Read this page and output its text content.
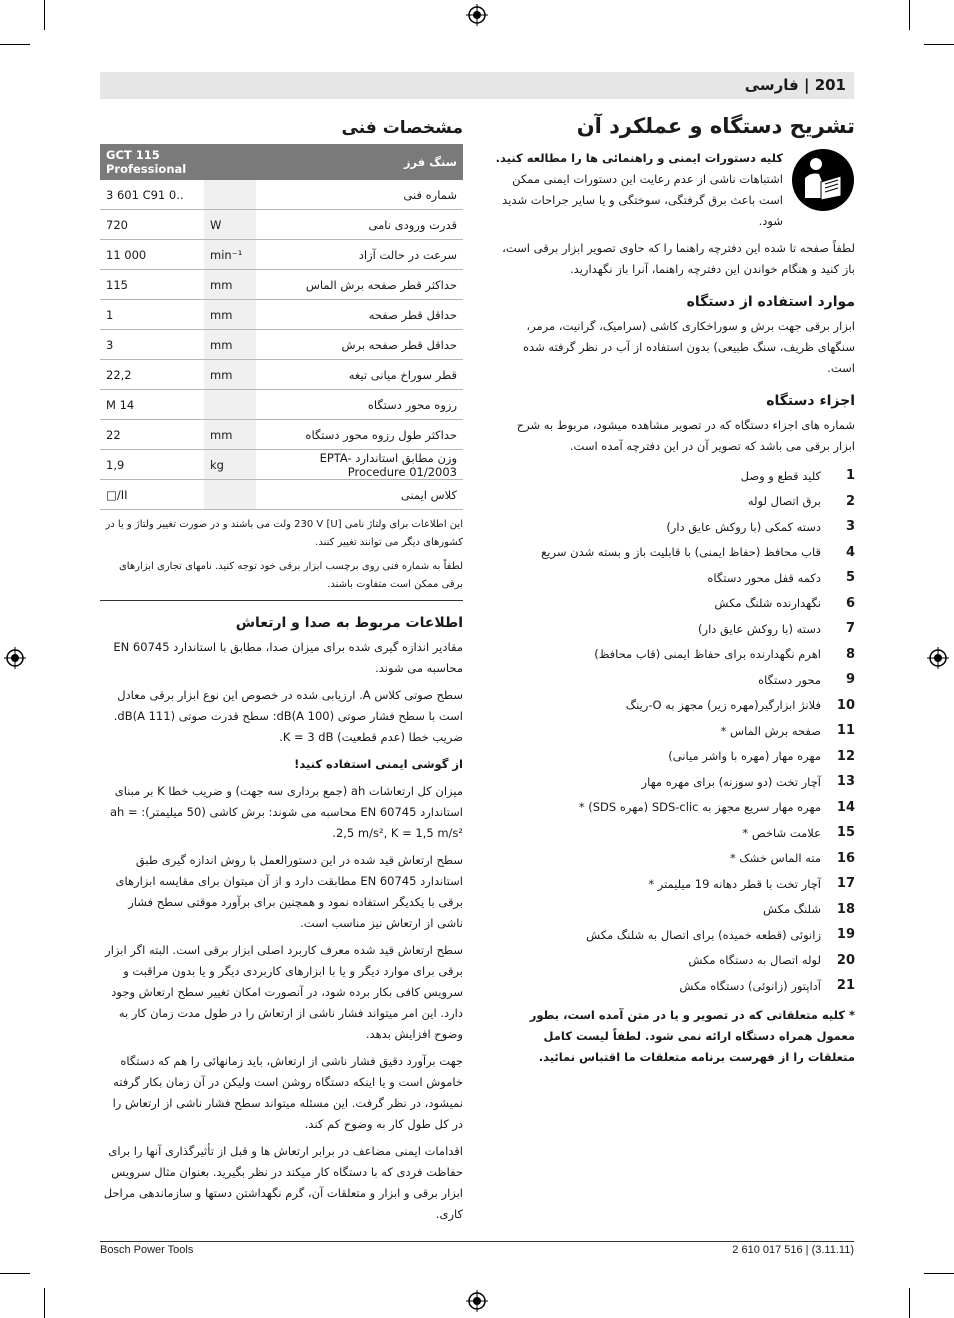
201 | فارسی
تشریح دستگاه و عملکرد آن

کلیه دستورات ایمنی و راهنمائی ها را مطالعه کنید. اشتباهات ناشی از عدم رعایت این دستورات ایمنی ممکن است باعث برق گرفتگی، سوختگی و یا سایر جراحات شدید شود.

لطفاً صفحه تا شده این دفترچه راهنما را که حاوی تصویر ابزار برقی است، باز کنید و هنگام خواندن این دفترچه راهنما، آنرا باز نگهدارید.

موارد استفاده از دستگاه

ابزار برقی جهت برش و سوراخکاری کاشی (سرامیک، گرانیت، مرمر، سنگهای ظریف، سنگ طبیعی) بدون استفاده از آب در نظر گرفته شده است.

اجزاء دستگاه

شماره های اجزاء دستگاه که در تصویر مشاهده میشود، مربوط به شرح ابزار برقی می باشد که تصویر آن در این دفترچه آمده است.

1
کلید قطع و وصل
2
برق اتصال لوله
3
دسته کمکی (با روکش عایق دار)
4
قاب محافظ (حفاظ ایمنی) با قابلیت باز و بسته شدن سریع
5
دکمه قفل محور دستگاه
6
نگهدارنده شلنگ مکش
7
دسته (با روکش عایق دار)
8
اهرم نگهدارنده برای حفاظ ایمنی (قاب محافظ)
9
محور دستگاه
10
فلانژ ابزارگیر(مهره زیر) مجهز به O-رینگ
11
صفحه برش الماس *
12
مهره مهار (مهره با واشر میانی)
13
آچار تخت (دو سوزنه) برای مهره مهار
14
مهره مهار سریع مجهز به SDS-clic (مهره SDS) *
15
علامت شاخص *
16
مته الماس خشک *
17
آچار تخت با قطر دهانه 19 میلیمتر *
18
شلنگ مکش
19
زانوئی (قطعه خمیده) برای اتصال به شلنگ مکش
20
لوله اتصال به دستگاه مکش
21
آداپتور (زانوئی) دستگاه مکش

* کلیه متعلقاتی که در تصویر و یا در متن آمده است، بطور معمول همراه دستگاه ارائه نمی شود. لطفاً لیست کامل متعلقات را از فهرست برنامه متعلقات ما اقتباس نمائید.

مشخصات فنی
سنگ فرز		GCT 115 Professional
شماره فنی		3 601 C91 0..
قدرت ورودی نامی	W	720
سرعت در حالت آزاد	min⁻¹	11 000
حداکثر قطر صفحه برش الماس	mm	115
حداقل قطر صفحه	mm	1
حداقل قطر صفحه برش	mm	3
قطر سوراخ میانی تیغه	mm	22,2
رزوه محور دستگاه		M 14
حداکثر طول رزوه محور دستگاه	mm	22
وزن مطابق استاندارد EPTA-Procedure 01/2003	kg	1,9
کلاس ایمنی		□/II

این اطلاعات برای ولتاژ نامی [U] 230 V ولت می باشند و در صورت تغییر ولتاژ و یا در کشورهای دیگر می توانند تغییر کنند.

لطفاً به شماره فنی روی برچسب ابزار برقی خود توجه کنید. نامهای تجاری ابزارهای برقی ممکن است متفاوت باشند.

اطلاعات مربوط به صدا و ارتعاش

مقادیر اندازه گیری شده برای میزان صدا، مطابق با استاندارد EN 60745 محاسبه می شوند.

سطح صوتی کلاس A. ارزیابی شده در خصوص این نوع ابزار برقی معادل است با سطح فشار صوتی (100 dB(A: سطح قدرت صوتی (111 dB(A. ضریب خطا (عدم قطعیت) K = 3 dB.

از گوشی ایمنی استفاده کنید!

میزان کل ارتعاشات ah (جمع برداری سه جهت) و ضریب خطا K بر مبنای استاندارد EN 60745 محاسبه می شوند: برش کاشی (50 میلیمتر): ah = 2,5 m/s², K = 1,5 m/s².

سطح ارتعاش قید شده در این دستورالعمل با روش اندازه گیری طبق استاندارد EN 60745 مطابقت دارد و از آن میتوان برای مقایسه ابزارهای برقی با یکدیگر استفاده نمود و همچنین برای برآورد موقتی سطح فشار ناشی از ارتعاش نیز مناسب است.

سطح ارتعاش قید شده معرف کاربرد اصلی ابزار برقی است. البته اگر ابزار برقی برای موارد دیگر و یا با ابزارهای کاربردی دیگر و یا بدون مراقبت و سرویس کافی بکار برده شود، در آنصورت امکان تغییر سطح ارتعاش وجود دارد. این امر میتواند فشار ناشی از ارتعاش را در طول مدت زمان کار به وضوح افزایش بدهد.

جهت برآورد دقیق فشار ناشی از ارتعاش، باید زمانهائی را هم که دستگاه خاموش است و یا اینکه دستگاه روشن است ولیکن در آن زمان بکار گرفته نمیشود، در نظر گرفت. این مسئله میتواند سطح فشار ناشی از ارتعاش را در کل طول کار به وضوح کم کند.

اقدامات ایمنی مضاعف در برابر ارتعاش ها و قبل از تأثیرگذاری آنها را برای حفاظت فردی که با دستگاه کار میکند در نظر بگیرید. بعنوان مثال سرویس ابزار برقی و ابزار و متعلقات آن، گرم نگهداشتن دستها و سازماندهی مراحل کاری.

Bosch Power Tools	2 610 017 516 | (3.11.11)
